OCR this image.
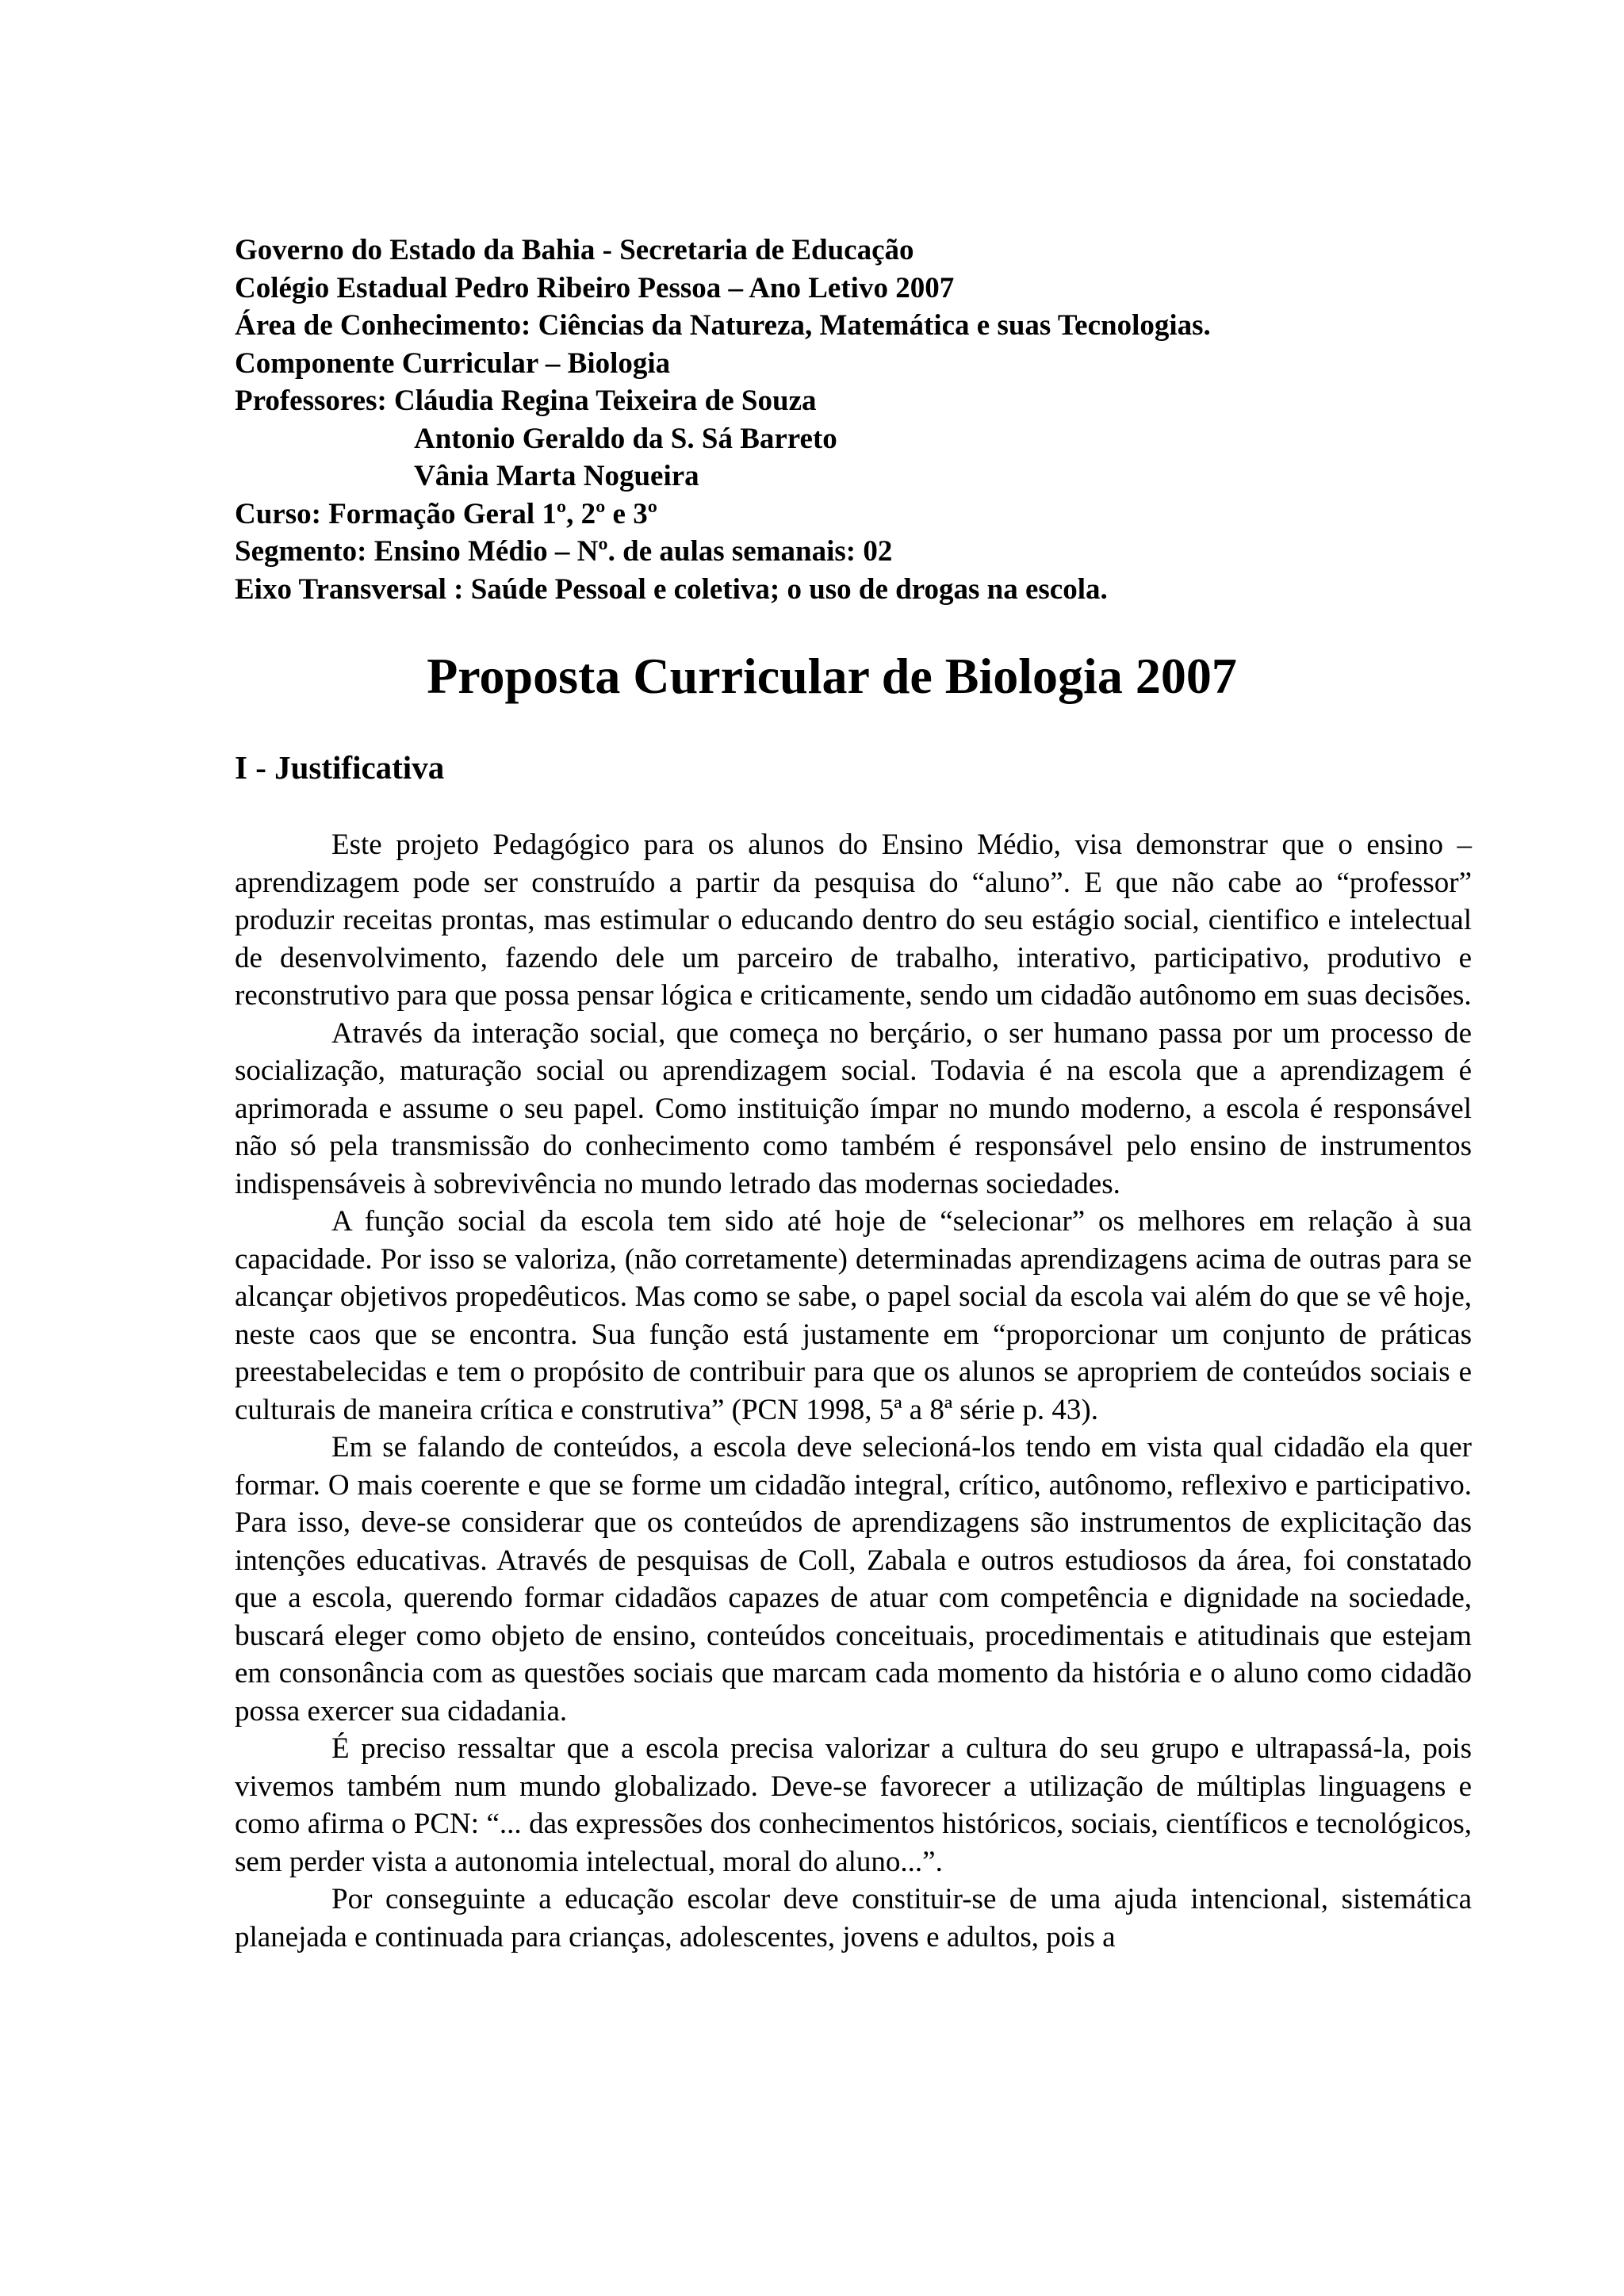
Governo do Estado da Bahia - Secretaria de Educação
Colégio Estadual Pedro Ribeiro Pessoa – Ano Letivo 2007
Área de Conhecimento: Ciências da Natureza, Matemática e suas Tecnologias.
Componente Curricular – Biologia
Professores: Cláudia Regina Teixeira de Souza
Antonio Geraldo da S. Sá Barreto
Vânia Marta Nogueira
Curso: Formação Geral 1º, 2º e 3º
Segmento: Ensino Médio – Nº. de aulas semanais: 02
Eixo Transversal : Saúde Pessoal e coletiva; o uso de drogas na escola.
Proposta Curricular de Biologia 2007
I - Justificativa

Este projeto Pedagógico para os alunos do Ensino Médio, visa demonstrar que o ensino – aprendizagem pode ser construído a partir da pesquisa do “aluno”. E que não cabe ao “professor” produzir receitas prontas, mas estimular o educando dentro do seu estágio social, cientifico e intelectual de desenvolvimento, fazendo dele um parceiro de trabalho, interativo, participativo, produtivo e reconstrutivo para que possa pensar lógica e criticamente, sendo um cidadão autônomo em suas decisões.

Através da interação social, que começa no berçário, o ser humano passa por um processo de socialização, maturação social ou aprendizagem social. Todavia é na escola que a aprendizagem é aprimorada e assume o seu papel. Como instituição ímpar no mundo moderno, a escola é responsável não só pela transmissão do conhecimento como também é responsável pelo ensino de instrumentos indispensáveis à sobrevivência no mundo letrado das modernas sociedades.

A função social da escola tem sido até hoje de “selecionar” os melhores em relação à sua capacidade. Por isso se valoriza, (não corretamente) determinadas aprendizagens acima de outras para se alcançar objetivos propedêuticos. Mas como se sabe, o papel social da escola vai além do que se vê hoje, neste caos que se encontra. Sua função está justamente em “proporcionar um conjunto de práticas preestabelecidas e tem o propósito de contribuir para que os alunos se apropriem de conteúdos sociais e culturais de maneira crítica e construtiva” (PCN 1998, 5ª a 8ª série p. 43).

Em se falando de conteúdos, a escola deve selecioná-los tendo em vista qual cidadão ela quer formar. O mais coerente e que se forme um cidadão integral, crítico, autônomo, reflexivo e participativo. Para isso, deve-se considerar que os conteúdos de aprendizagens são instrumentos de explicitação das intenções educativas. Através de pesquisas de Coll, Zabala e outros estudiosos da área, foi constatado que a escola, querendo formar cidadãos capazes de atuar com competência e dignidade na sociedade, buscará eleger como objeto de ensino, conteúdos conceituais, procedimentais e atitudinais que estejam em consonância com as questões sociais que marcam cada momento da história e o aluno como cidadão possa exercer sua cidadania.

É preciso ressaltar que a escola precisa valorizar a cultura do seu grupo e ultrapassá-la, pois vivemos também num mundo globalizado. Deve-se favorecer a utilização de múltiplas linguagens e como afirma o PCN: “... das expressões dos conhecimentos históricos, sociais, científicos e tecnológicos, sem perder vista a autonomia intelectual, moral do aluno...”.

Por conseguinte a educação escolar deve constituir-se de uma ajuda intencional, sistemática planejada e continuada para crianças, adolescentes, jovens e adultos, pois a
